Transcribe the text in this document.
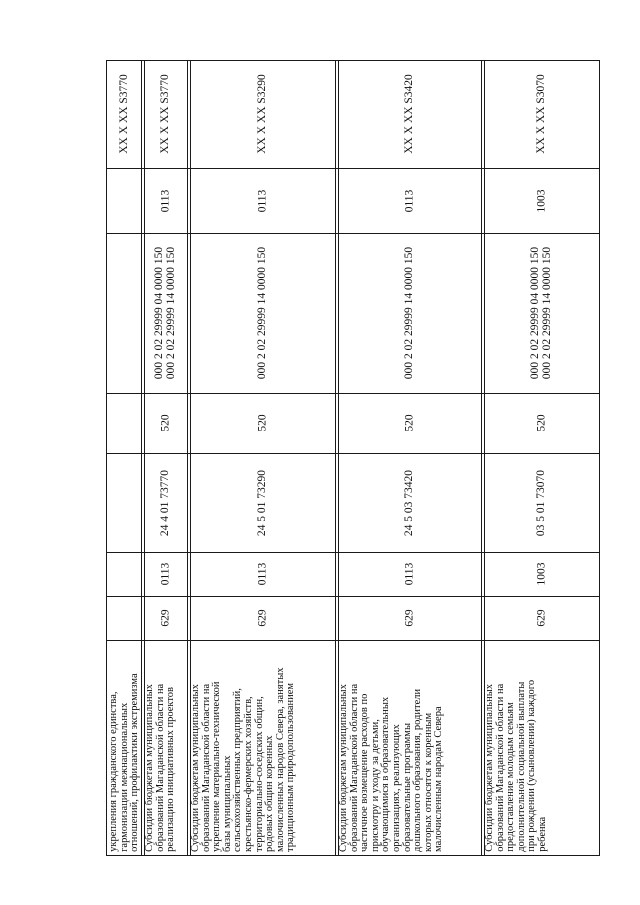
укрепления гражданского единства, гармонизации межнациональных отношений, профилактики экстремизма
XX X XX S3770
Субсидии бюджетам муниципальных образований Магаданской области на реализацию инициативных проектов
629
0113
24 4 01 73770
520
000 2 02 29999 04 0000 150 000 2 02 29999 14 0000 150
0113
XX X XX S3770
Субсидии бюджетам муниципальных образований Магаданской области на укрепление материально-технической базы муниципальных сельскохозяйственных предприятий, крестьянско-фермерских хозяйств, территориально-соседских общин, родовых общин коренных малочисленных народов Севера, занятых традиционным природопользованием
629
0113
24 5 01 73290
520
000 2 02 29999 14 0000 150
0113
XX X XX S3290
Субсидии бюджетам муниципальных образований Магаданской области на частичное возмещение расходов по присмотру и уходу за детьми, обучающимися в образовательных организациях, реализующих образовательные программы дошкольного образования, родители которых относятся к коренным малочисленным народам Севера
629
0113
24 5 03 73420
520
000 2 02 29999 14 0000 150
0113
XX X XX S3420
Субсидии бюджетам муниципальных образований Магаданской области на предоставление молодым семьям дополнительной социальной выплаты при рождении (усыновлении) каждого ребенка
629
1003
03 5 01 73070
520
000 2 02 29999 04 0000 150 000 2 02 29999 14 0000 150
1003
XX X XX S3070
